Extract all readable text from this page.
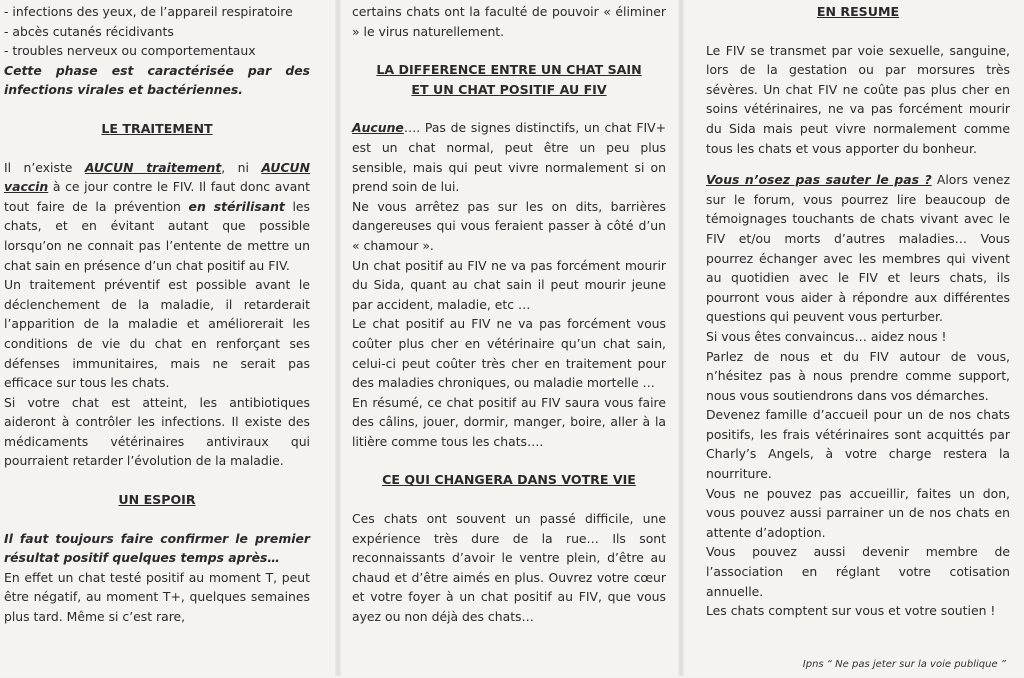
- infections des yeux, de l’appareil respiratoire

- abcès cutanés récidivants

- troubles nerveux ou comportementaux

Cette phase est caractérisée par des infections virales et bactériennes.

LE TRAITEMENT

Il n’existe AUCUN traitement, ni AUCUN vaccin à ce jour contre le FIV. Il faut donc avant tout faire de la prévention en stérilisant les chats, et en évitant autant que possible lorsqu’on ne connait pas l’entente de mettre un chat sain en présence d’un chat positif au FIV.

Un traitement préventif est possible avant le déclenchement de la maladie, il retarderait l’apparition de la maladie et améliorerait les conditions de vie du chat en renforçant ses défenses immunitaires, mais ne serait pas efficace sur tous les chats.

Si votre chat est atteint, les antibiotiques aideront à contrôler les infections. Il existe des médicaments vétérinaires antiviraux qui pourraient retarder l’évolution de la maladie.

UN ESPOIR

Il faut toujours faire confirmer le premier résultat positif quelques temps après…

En effet un chat testé positif au moment T, peut être négatif, au moment T+, quelques semaines plus tard. Même si c’est rare,

certains chats ont la faculté de pouvoir « éliminer » le virus naturellement.

LA DIFFERENCE ENTRE UN CHAT SAIN

ET UN CHAT POSITIF AU FIV

Aucune…. Pas de signes distinctifs, un chat FIV+ est un chat normal, peut être un peu plus sensible, mais qui peut vivre normalement si on prend soin de lui.

Ne vous arrêtez pas sur les on dits, barrières dangereuses qui vous feraient passer à côté d’un « chamour ».

Un chat positif au FIV ne va pas forcément mourir du Sida, quant au chat sain il peut mourir jeune par accident, maladie, etc …

Le chat positif au FIV ne va pas forcément vous coûter plus cher en vétérinaire qu’un chat sain, celui-ci peut coûter très cher en traitement pour des maladies chroniques, ou maladie mortelle …

En résumé, ce chat positif au FIV saura vous faire des câlins, jouer, dormir, manger, boire, aller à la litière comme tous les chats….

CE QUI CHANGERA DANS VOTRE VIE

Ces chats ont souvent un passé difficile, une expérience très dure de la rue… Ils sont reconnaissants d’avoir le ventre plein, d’être au chaud et d’être aimés en plus. Ouvrez votre cœur et votre foyer à un chat positif au FIV, que vous ayez ou non déjà des chats…

EN RESUME

Le FIV se transmet par voie sexuelle, sanguine, lors de la gestation ou par morsures très sévères. Un chat FIV ne coûte pas plus cher en soins vétérinaires, ne va pas forcément mourir du Sida mais peut vivre normalement comme tous les chats et vous apporter du bonheur.

Vous n’osez pas sauter le pas ? Alors venez sur le forum, vous pourrez lire beaucoup de témoignages touchants de chats vivant avec le FIV et/ou morts d’autres maladies… Vous pourrez échanger avec les membres qui vivent au quotidien avec le FIV et leurs chats, ils pourront vous aider à répondre aux différentes questions qui peuvent vous perturber.

Si vous êtes convaincus… aidez nous !

Parlez de nous et du FIV autour de vous, n’hésitez pas à nous prendre comme support, nous vous soutiendrons dans vos démarches.

Devenez famille d’accueil pour un de nos chats positifs, les frais vétérinaires sont acquittés par Charly’s Angels, à votre charge restera la nourriture.

Vous ne pouvez pas accueillir, faites un don, vous pouvez aussi parrainer un de nos chats en attente d’adoption.

Vous pouvez aussi devenir membre de l’association en réglant votre cotisation annuelle.

Les chats comptent sur vous et votre soutien !

Ipns “ Ne pas jeter sur la voie publique ”
